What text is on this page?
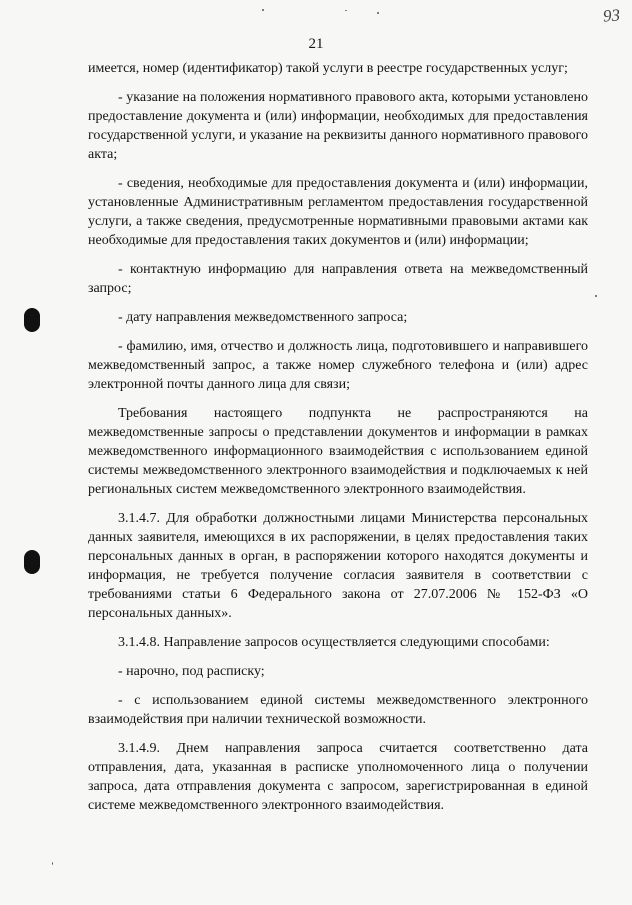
21
93

имеется, номер (идентификатор) такой услуги в реестре государственных услуг;

- указание на положения нормативного правового акта, которыми установлено предоставление документа и (или) информации, необходимых для предоставления государственной услуги, и указание на реквизиты данного нормативного правового акта;

- сведения, необходимые для предоставления документа и (или) информации, установленные Административным регламентом предоставления государственной услуги, а также сведения, предусмотренные нормативными правовыми актами как необходимые для предоставления таких документов и (или) информации;

- контактную информацию для направления ответа на межведомственный запрос;

- дату направления межведомственного запроса;

- фамилию, имя, отчество и должность лица, подготовившего и направившего межведомственный запрос, а также номер служебного телефона и (или) адрес электронной почты данного лица для связи;

Требования настоящего подпункта не распространяются на межведомственные запросы о представлении документов и информации в рамках межведомственного информационного взаимодействия с использованием единой системы межведомственного электронного взаимодействия и подключаемых к ней региональных систем межведомственного электронного взаимодействия.

3.1.4.7. Для обработки должностными лицами Министерства персональных данных заявителя, имеющихся в их распоряжении, в целях предоставления таких персональных данных в орган, в распоряжении которого находятся документы и информация, не требуется получение согласия заявителя в соответствии с требованиями статьи 6 Федерального закона от 27.07.2006 № 152-ФЗ «О персональных данных».

3.1.4.8. Направление запросов осуществляется следующими способами:

- нарочно, под расписку;

- с использованием единой системы межведомственного электронного взаимодействия при наличии технической возможности.

3.1.4.9. Днем направления запроса считается соответственно дата отправления, дата, указанная в расписке уполномоченного лица о получении запроса, дата отправления документа с запросом, зарегистрированная в единой системе межведомственного электронного взаимодействия.
